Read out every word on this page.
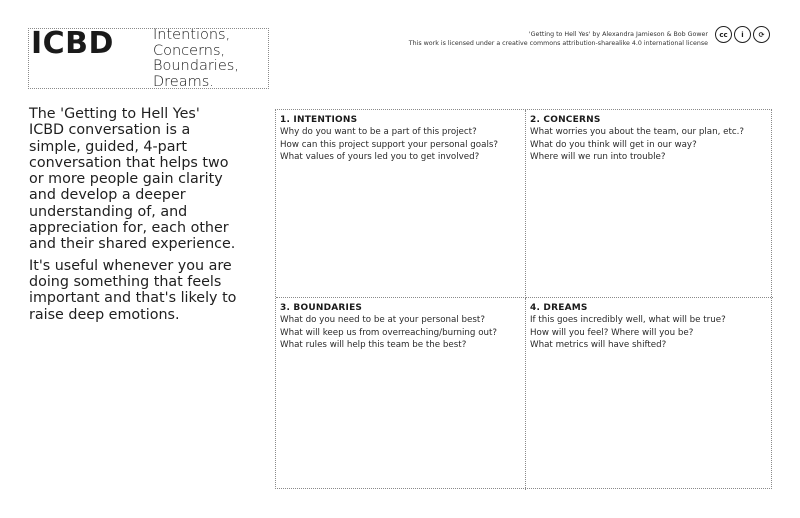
ICBD	Intentions,
Concerns,
Boundaries,
Dreams.
'Getting to Hell Yes' by Alexandra Jamieson & Bob Gower
This work is licensed under a creative commons attribution-sharealike 4.0 international license
cc	i	⟳

The 'Getting to Hell Yes' ICBD conversation is a simple, guided, 4-part conversation that helps two or more people gain clarity and develop a deeper understanding of, and appreciation for, each other and their shared experience.

It's useful whenever you are doing something that feels important and that's likely to raise deep emotions.

1. INTENTIONS
Why do you want to be a part of this project?
How can this project support your personal goals?
What values of yours led you to get involved?
2. CONCERNS
What worries you about the team, our plan, etc.?
What do you think will get in our way?
Where will we run into trouble?
3. BOUNDARIES
What do you need to be at your personal best?
What will keep us from overreaching/burning out?
What rules will help this team be the best?
4. DREAMS
If this goes incredibly well, what will be true?
How will you feel? Where will you be?
What metrics will have shifted?
